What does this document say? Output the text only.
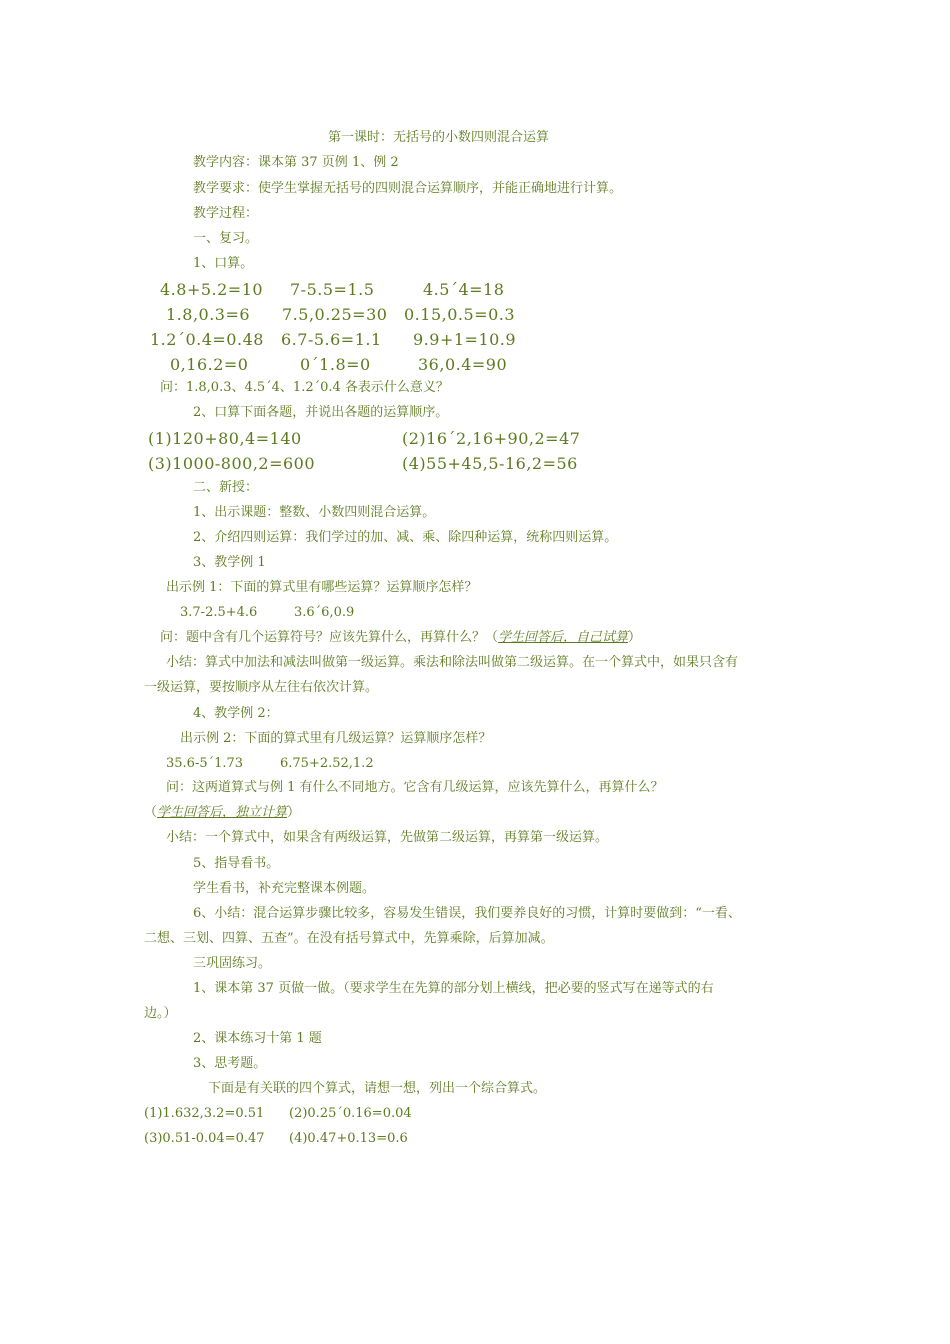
第一课时：无括号的小数四则混合运算
教学内容：课本第 37 页例 1、例 2
教学要求：使学生掌握无括号的四则混合运算顺序，并能正确地进行计算。
教学过程：
一、复习。
1、口算。
4.8+5.2=10 7-5.5=1.5	4.5´4=18
1.8,0.3=6 7.5,0.25=30 0.15,0.5=0.3
1.2´0.4=0.48 6.7-5.6=1.1 9.9+1=10.9
0,16.2=0	0´1.8=0	36,0.4=90
问：1.8,0.3、4.5´4、1.2´0.4 各表示什么意义？
2、口算下面各题，并说出各题的运算顺序。
(1)120+80,4=140	(2)16´2,16+90,2=47
(3)1000-800,2=600	(4)55+45,5-16,2=56
二、新授：
1、出示课题：整数、小数四则混合运算。
2、介绍四则运算：我们学过的加、减、乘、除四种运算，统称四则运算。
3、教学例 1
出示例 1：下面的算式里有哪些运算？运算顺序怎样？
3.7-2.5+4.6	3.6´6,0.9
问：题中含有几个运算符号？应该先算什么，再算什么？（学生回答后，自己试算）
小结：算式中加法和减法叫做第一级运算。乘法和除法叫做第二级运算。在一个算式中，如果只含有
一级运算，要按顺序从左往右依次计算。
4、教学例 2：
出示例 2：下面的算式里有几级运算？运算顺序怎样？
35.6-5´1.73	6.75+2.52,1.2
问：这两道算式与例 1 有什么不同地方。它含有几级运算，应该先算什么，再算什么？
（学生回答后，独立计算）
小结：一个算式中，如果含有两级运算，先做第二级运算，再算第一级运算。
5、指导看书。
学生看书，补充完整课本例题。
6、小结：混合运算步骤比较多，容易发生错误，我们要养良好的习惯，计算时要做到：“一看、
二想、三划、四算、五查”。在没有括号算式中，先算乘除，后算加减。
三巩固练习。
1、课本第 37 页做一做。（要求学生在先算的部分划上横线，把必要的竖式写在递等式的右
边。）
2、课本练习十第 1 题
3、思考题。
下面是有关联的四个算式，请想一想，列出一个综合算式。
(1)1.632,3.2=0.51 (2)0.25´0.16=0.04
(3)0.51-0.04=0.47 (4)0.47+0.13=0.6
